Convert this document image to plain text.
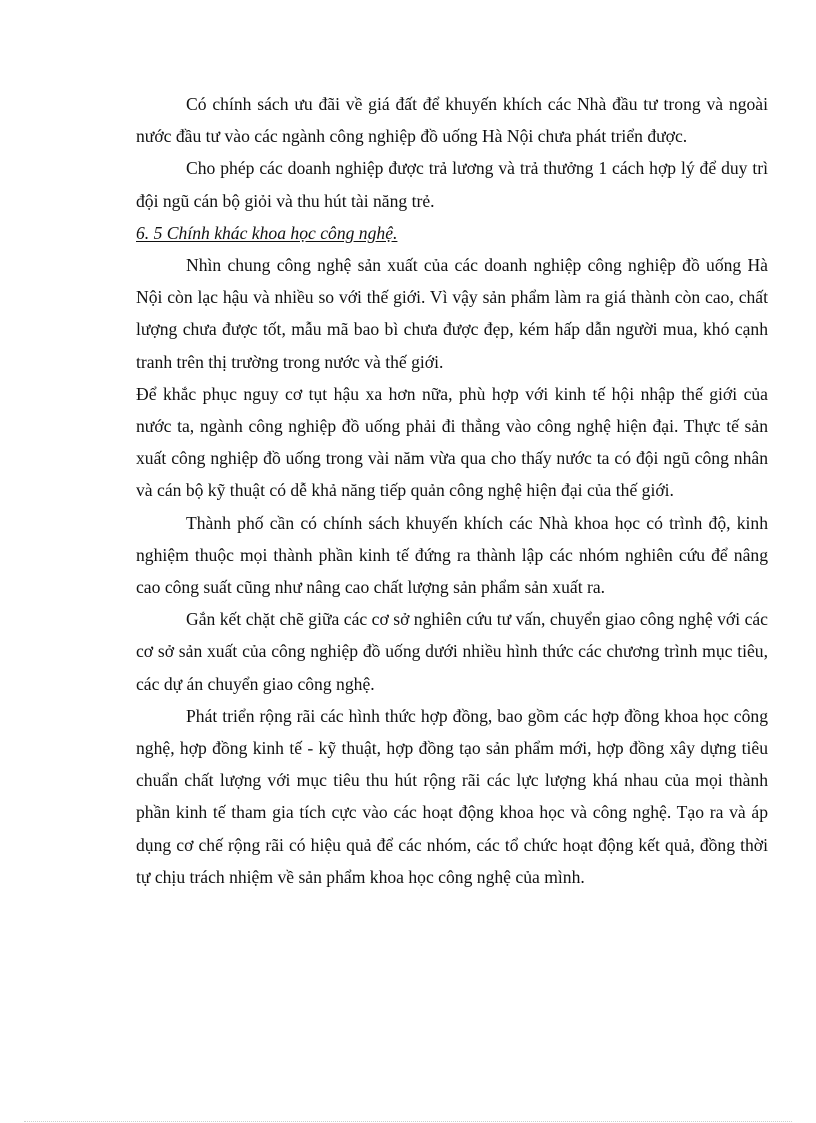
Có chính sách ưu đãi về giá đất để khuyến khích các Nhà đầu tư trong và ngoài nước đầu tư vào các ngành công nghiệp đồ uống Hà Nội chưa phát triển được.

Cho phép các doanh nghiệp được trả lương và trả thưởng 1 cách hợp lý để duy trì đội ngũ cán bộ giỏi và thu hút tài năng trẻ.

6. 5 Chính khác khoa học công nghệ.

Nhìn chung công nghệ sản xuất của các doanh nghiệp công nghiệp đồ uống Hà Nội còn lạc hậu và nhiều so với thế giới. Vì vậy sản phẩm làm ra giá thành còn cao, chất lượng chưa được tốt, mẫu mã bao bì chưa được đẹp, kém hấp dẫn người mua, khó cạnh tranh trên thị trường trong nước và thế giới.

Để khắc phục nguy cơ tụt hậu xa hơn nữa, phù hợp với kinh tế hội nhập thế giới của nước ta, ngành công nghiệp đồ uống phải đi thẳng vào công nghệ hiện đại. Thực tế sản xuất công nghiệp đồ uống trong vài năm vừa qua cho thấy nước ta có đội ngũ công nhân và cán bộ kỹ thuật có dễ khả năng tiếp quản công nghệ hiện đại của thế giới.

Thành phố cần có chính sách khuyến khích các Nhà khoa học có trình độ, kinh nghiệm thuộc mọi thành phần kinh tế đứng ra thành lập các nhóm nghiên cứu để nâng cao công suất cũng như nâng cao chất lượng sản phẩm sản xuất ra.

Gắn kết chặt chẽ giữa các cơ sở nghiên cứu tư vấn, chuyển giao công nghệ với các cơ sở sản xuất của công nghiệp đồ uống dưới nhiều hình thức các chương trình mục tiêu, các dự án chuyển giao công nghệ.

Phát triển rộng rãi các hình thức hợp đồng, bao gồm các hợp đồng khoa học công nghệ, hợp đồng kinh tế - kỹ thuật, hợp đồng tạo sản phẩm mới, hợp đồng xây dựng tiêu chuẩn chất lượng với mục tiêu thu hút rộng rãi các lực lượng khá nhau của mọi thành phần kinh tế tham gia tích cực vào các hoạt động khoa học và công nghệ. Tạo ra và áp dụng cơ chế rộng rãi có hiệu quả để các nhóm, các tổ chức hoạt động kết quả, đồng thời tự chịu trách nhiệm về sản phẩm khoa học công nghệ của mình.
